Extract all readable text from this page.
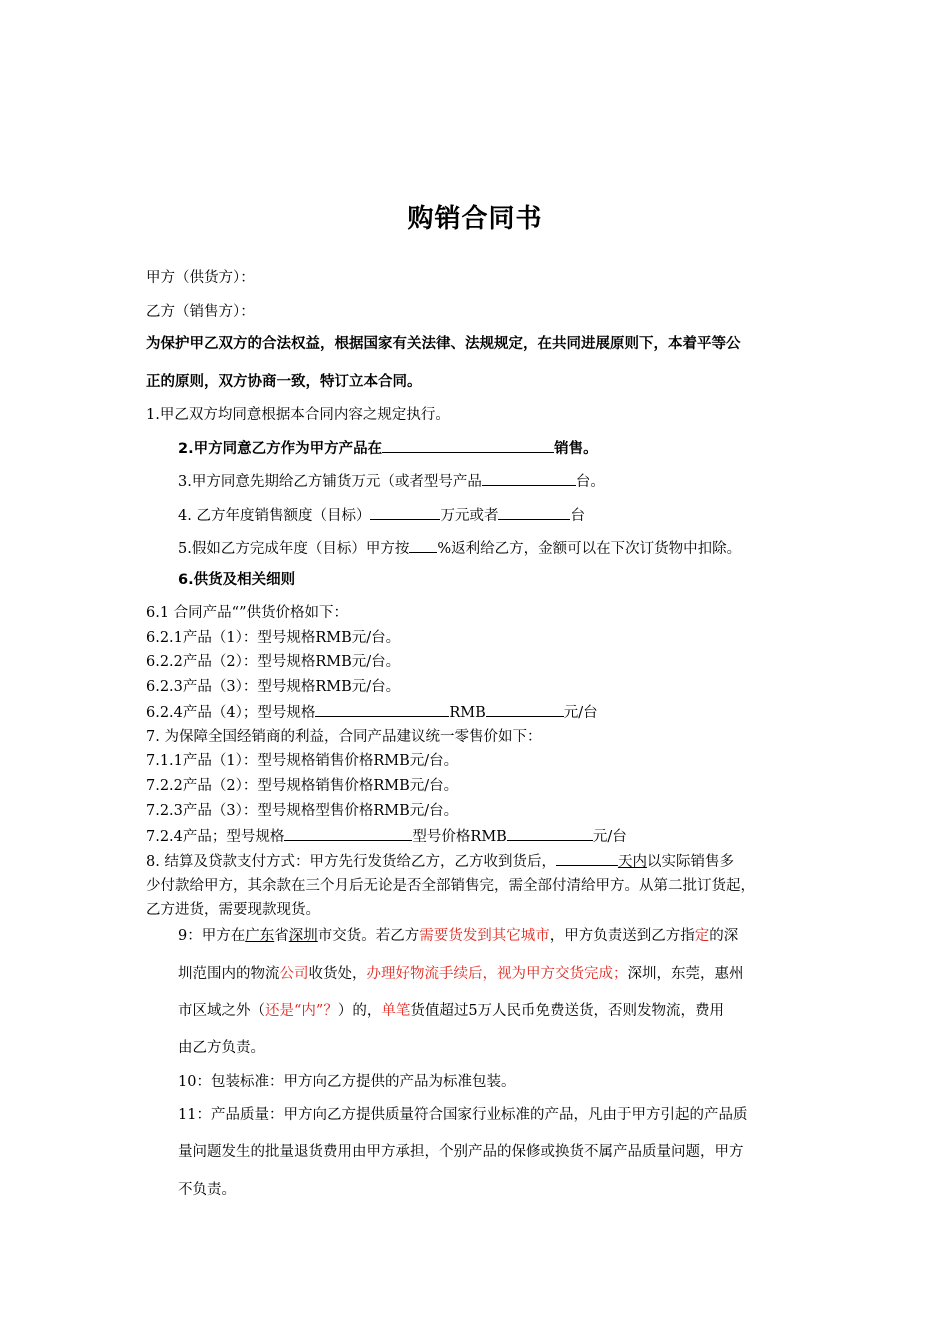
购销合同书
甲方（供货方）：
乙方（销售方）：
为保护甲乙双方的合法权益，根据国家有关法律、法规规定，在共同进展原则下，本着平等公
正的原则，双方协商一致，特订立本合同。
1.甲乙双方均同意根据本合同内容之规定执行。
2.甲方同意乙方作为甲方产品在	销售。
3.甲方同意先期给乙方铺货万元（或者型号产品	台。
4. 乙方年度销售额度（目标）	万元或者	台
5.假如乙方完成年度（目标）甲方按 %返利给乙方，金额可以在下次订货物中扣除。
6.供货及相关细则
6.1 合同产品“”供货价格如下：
6.2.1产品（1）：型号规格RMB元/台。
6.2.2产品（2）：型号规格RMB元/台。
6.2.3产品（3）：型号规格RMB元/台。
6.2.4产品（4）；型号规格	RMB	元/台
7. 为保障全国经销商的利益，合同产品建议统一零售价如下：
7.1.1产品（1）：型号规格销售价格RMB元/台。
7.2.2产品（2）：型号规格销售价格RMB元/台。
7.2.3产品（3）：型号规格型售价格RMB元/台。
7.2.4产品；型号规格	型号价格RMB	元/台
8. 结算及贷款支付方式：甲方先行发货给乙方，乙方收到货后，	天内以实际销售多
少付款给甲方，其余款在三个月后无论是否全部销售完，需全部付清给甲方。从第二批订货起，
乙方进货，需要现款现货。
9：甲方在广东省深圳市交货。若乙方需要货发到其它城市，甲方负责送到乙方指定的深
圳范围内的物流公司收货处，办理好物流手续后，视为甲方交货完成；深圳，东莞，惠州
市区域之外（还是“内”？）的，单笔货值超过5万人民币免费送货，否则发物流，费用
由乙方负责。
10：包装标准：甲方向乙方提供的产品为标准包装。
11：产品质量：甲方向乙方提供质量符合国家行业标准的产品，凡由于甲方引起的产品质
量问题发生的批量退货费用由甲方承担，个别产品的保修或换货不属产品质量问题，甲方
不负责。
